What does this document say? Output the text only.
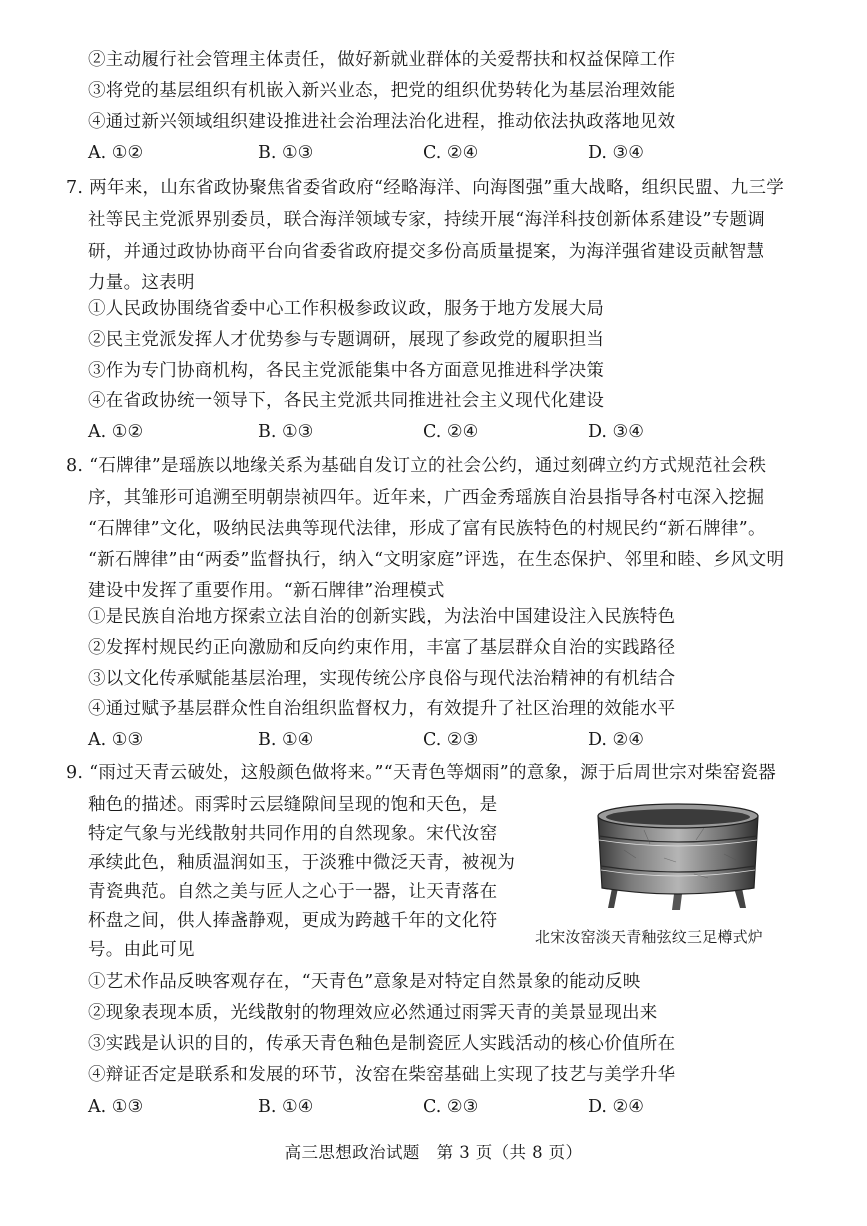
②主动履行社会管理主体责任，做好新就业群体的关爱帮扶和权益保障工作
③将党的基层组织有机嵌入新兴业态，把党的组织优势转化为基层治理效能
④通过新兴领域组织建设推进社会治理法治化进程，推动依法执政落地见效
A. ①②	B. ①③	C. ②④	D. ③④
7. 两年来，山东省政协聚焦省委省政府“经略海洋、向海图强”重大战略，组织民盟、九三学
社等民主党派界别委员，联合海洋领域专家，持续开展“海洋科技创新体系建设”专题调
研，并通过政协协商平台向省委省政府提交多份高质量提案，为海洋强省建设贡献智慧
力量。这表明
①人民政协围绕省委中心工作积极参政议政，服务于地方发展大局
②民主党派发挥人才优势参与专题调研，展现了参政党的履职担当
③作为专门协商机构，各民主党派能集中各方面意见推进科学决策
④在省政协统一领导下，各民主党派共同推进社会主义现代化建设
A. ①②	B. ①③	C. ②④	D. ③④
8. “石牌律”是瑶族以地缘关系为基础自发订立的社会公约，通过刻碑立约方式规范社会秩
序，其雏形可追溯至明朝崇祯四年。近年来，广西金秀瑶族自治县指导各村屯深入挖掘
“石牌律”文化，吸纳民法典等现代法律，形成了富有民族特色的村规民约“新石牌律”。
“新石牌律”由“两委”监督执行，纳入“文明家庭”评选，在生态保护、邻里和睦、乡风文明
建设中发挥了重要作用。“新石牌律”治理模式
①是民族自治地方探索立法自治的创新实践，为法治中国建设注入民族特色
②发挥村规民约正向激励和反向约束作用，丰富了基层群众自治的实践路径
③以文化传承赋能基层治理，实现传统公序良俗与现代法治精神的有机结合
④通过赋予基层群众性自治组织监督权力，有效提升了社区治理的效能水平
A. ①③	B. ①④	C. ②③	D. ②④
9. “雨过天青云破处，这般颜色做将来。”“天青色等烟雨”的意象，源于后周世宗对柴窑瓷器
釉色的描述。雨霁时云层缝隙间呈现的饱和天色，是
特定气象与光线散射共同作用的自然现象。宋代汝窑
承续此色，釉质温润如玉，于淡雅中微泛天青，被视为
青瓷典范。自然之美与匠人之心于一器，让天青落在
杯盘之间，供人捧盏静观，更成为跨越千年的文化符
号。由此可见
北宋汝窑淡天青釉弦纹三足樽式炉
①艺术作品反映客观存在，“天青色”意象是对特定自然景象的能动反映
②现象表现本质，光线散射的物理效应必然通过雨霁天青的美景显现出来
③实践是认识的目的，传承天青色釉色是制瓷匠人实践活动的核心价值所在
④辩证否定是联系和发展的环节，汝窑在柴窑基础上实现了技艺与美学升华
A. ①③	B. ①④	C. ②③	D. ②④
高三思想政治试题　第 3 页（共 8 页）
